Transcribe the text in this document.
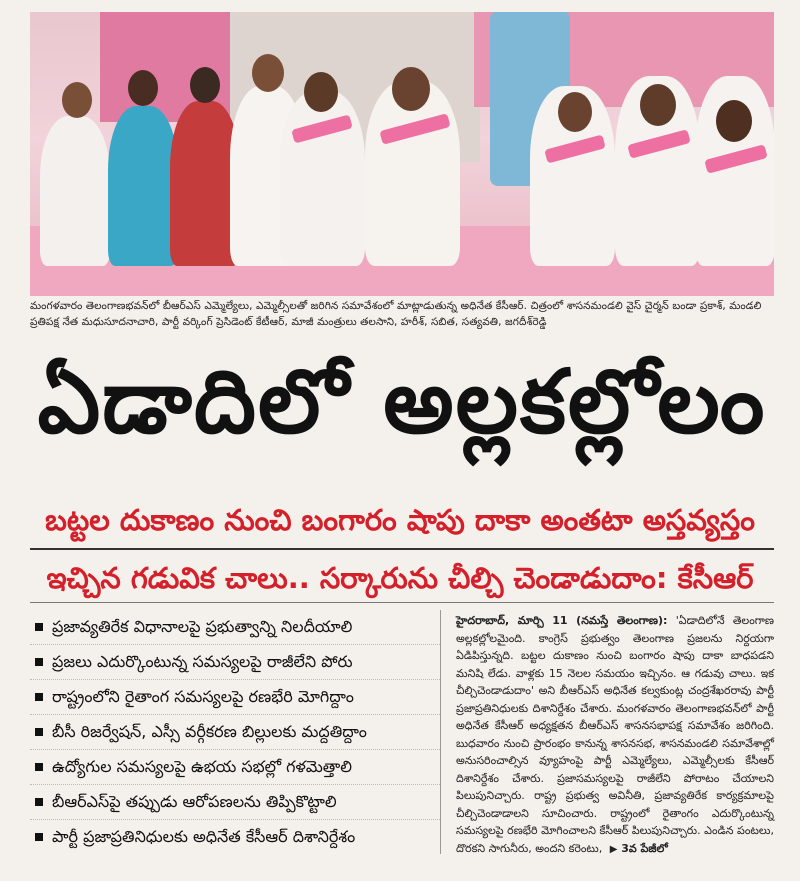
మంగళవారం తెలంగాణభవన్‌లో బీఆర్‌ఎస్‌ ఎమ్మెల్యేలు, ఎమ్మెల్సీలతో జరిగిన సమావేశంలో మాట్లాడుతున్న అధినేత కేసీఆర్‌. చిత్రంలో శాసనమండలి వైస్‌ చైర్మన్‌ బండా ప్రకాశ్‌, మండలి ప్రతిపక్ష నేత మధుసూదనాచారి, పార్టీ వర్కింగ్‌ ప్రెసిడెంట్‌ కేటీఆర్‌, మాజీ మంత్రులు తలసాని, హరీశ్‌, సబిత, సత్యవతి, జగదీశ్‌రెడ్డి
ఏడాదిలో అల్లకల్లోలం
బట్టల దుకాణం నుంచి బంగారం షాపు దాకా అంతటా అస్తవ్యస్తం
ఇచ్చిన గడువిక చాలు.. సర్కారును చీల్చి చెండాడుదాం: కేసీఆర్‌
ప్రజావ్యతిరేక విధానాలపై ప్రభుత్వాన్ని నిలదీయాలి
ప్రజలు ఎదుర్కొంటున్న సమస్యలపై రాజీలేని పోరు
రాష్ట్రంలోని రైతాంగ సమస్యలపై రణభేరి మోగిద్దాం
బీసీ రిజర్వేషన్‌, ఎస్సీ వర్గీకరణ బిల్లులకు మద్దతిద్దాం
ఉద్యోగుల సమస్యలపై ఉభయ సభల్లో గళమెత్తాలి
బీఆర్‌ఎస్‌పై తప్పుడు ఆరోపణలను తిప్పికొట్టాలి
పార్టీ ప్రజాప్రతినిధులకు అధినేత కేసీఆర్‌ దిశానిర్దేశం
హైదరాబాద్‌, మార్చి 11 (నమస్తే తెలంగాణ): 'ఏడాదిలోనే తెలంగాణ అల్లకల్లోలమైంది. కాంగ్రెస్‌ ప్రభుత్వం తెలంగాణ ప్రజలను నిర్దయగా ఏడిపిస్తున్నది. బట్టల దుకాణం నుంచి బంగారం షాపు దాకా బాధపడని మనిషి లేడు. వాళ్లకు 15 నెలల సమయం ఇచ్చినం. ఆ గడువు చాలు. ఇక చీల్చిచెండాడుదాం' అని బీఆర్‌ఎస్‌ అధినేత కల్వకుంట్ల చంద్రశేఖరరావు పార్టీ ప్రజాప్రతినిధులకు దిశానిర్దేశం చేశారు. మంగళవారం తెలంగాణభవన్‌లో పార్టీ అధినేత కేసీఆర్‌ అధ్యక్షతన బీఆర్‌ఎస్‌ శాసనసభాపక్ష సమావేశం జరిగింది. బుధవారం నుంచి ప్రారంభం కానున్న శాసనసభ, శాసనమండలి సమావేశాల్లో అనుసరించాల్సిన వ్యూహంపై పార్టీ ఎమ్మెల్యేలు, ఎమ్మెల్సీలకు కేసీఆర్‌ దిశానిర్దేశం చేశారు. ప్రజాసమస్యలపై రాజీలేని పోరాటం చేయాలని పిలుపునిచ్చారు. రాష్ట్ర ప్రభుత్వ అవినీతి, ప్రజావ్యతిరేక కార్యక్రమాలపై చీల్చిచెండాడాలని సూచించారు. రాష్ట్రంలో రైతాంగం ఎదుర్కొంటున్న సమస్యలపై రణభేరి మోగించాలని కేసీఆర్‌ పిలుపునిచ్చారు. ఎండిన పంటలు, దొరకని సాగునీరు, అందని కరెంటు, ▶ 3వ పేజీలో
